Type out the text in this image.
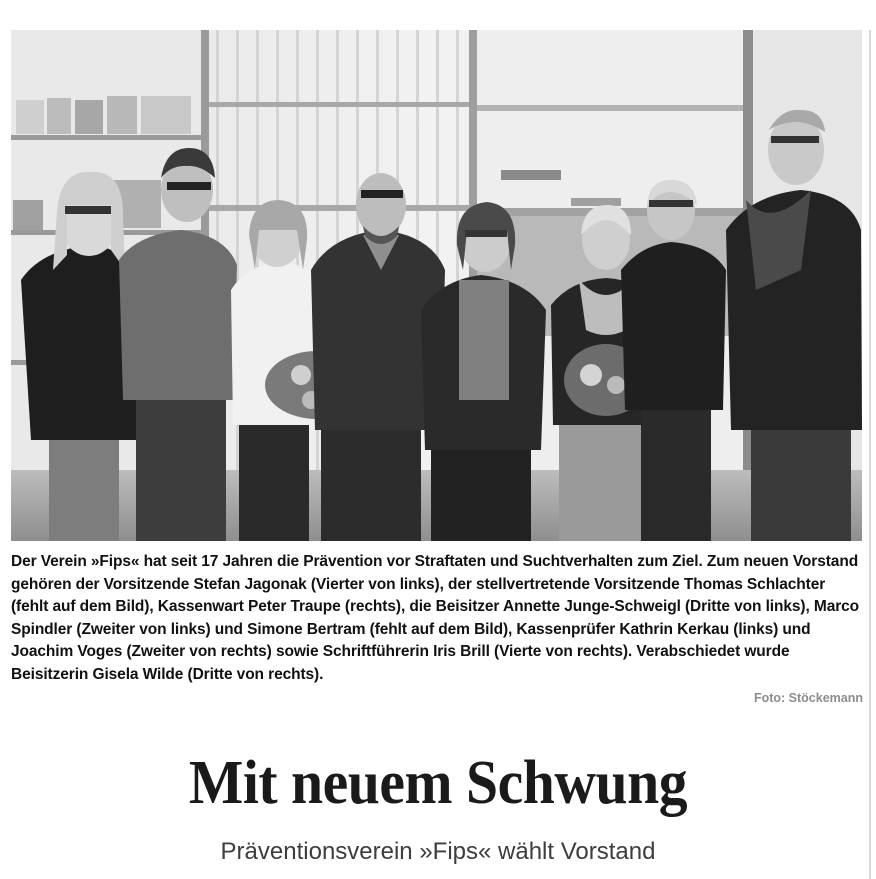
Der Verein »Fips« hat seit 17 Jahren die Prävention vor Straftaten und Suchtverhalten zum Ziel. Zum neuen Vorstand gehören der Vorsitzende Stefan Jagonak (Vierter von links), der stellvertretende Vorsitzende Thomas Schlachter (fehlt auf dem Bild), Kassenwart Peter Traupe (rechts), die Beisitzer Annette Junge-Schweigl (Dritte von links), Marco Spindler (Zweiter von links) und Simone Bertram (fehlt auf dem Bild), Kassenprüfer Kathrin Kerkau (links) und Joachim Voges (Zweiter von rechts) sowie Schriftführerin Iris Brill (Vierte von rechts). Verabschiedet wurde Beisitzerin Gisela Wilde (Dritte von rechts).
Foto: Stöckemann
Mit neuem Schwung
Präventionsverein »Fips« wählt Vorstand
